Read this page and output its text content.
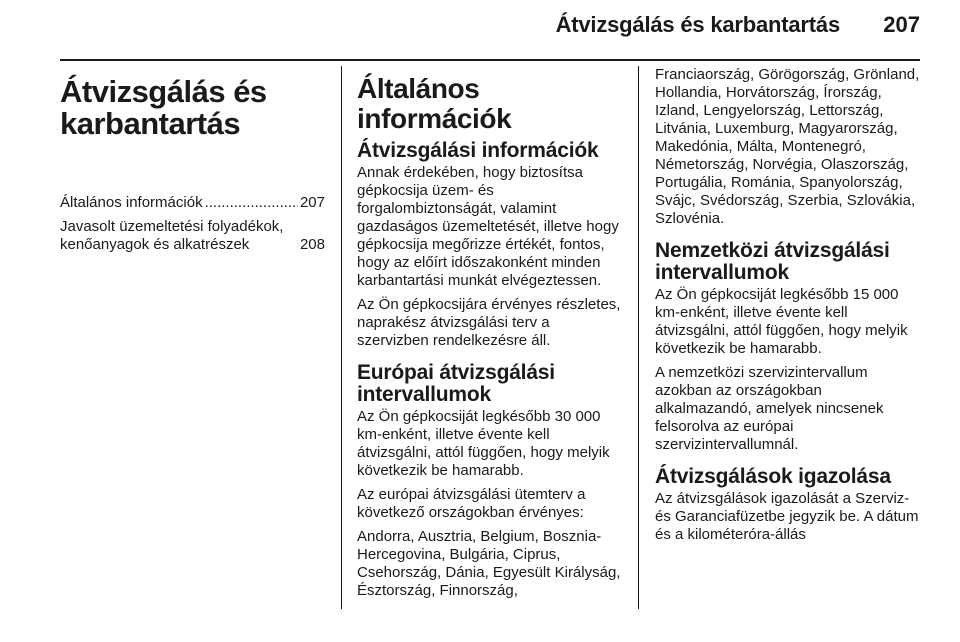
Átvizsgálás és karbantartás 207
Átvizsgálás és karbantartás
Általános információk .....	207
Javasolt üzemeltetési folyadékok, kenőanyagok és alkatrészek .....	208
Általános információk
Átvizsgálási információk

Annak érdekében, hogy biztosítsa gépkocsija üzem- és forgalombiztonságát, valamint gazdaságos üzemeltetését, illetve hogy gépkocsija megőrizze értékét, fontos, hogy az előírt időszakonként minden karbantartási munkát elvégeztessen.

Az Ön gépkocsijára érvényes részletes, naprakész átvizsgálási terv a szervizben rendelkezésre áll.

Európai átvizsgálási intervallumok

Az Ön gépkocsiját legkésőbb 30 000 km-enként, illetve évente kell átvizsgálni, attól függően, hogy melyik következik be hamarabb.

Az európai átvizsgálási ütemterv a következő országokban érvényes:

Andorra, Ausztria, Belgium, Bosznia-Hercegovina, Bulgária, Ciprus, Csehország, Dánia, Egyesült Királyság, Észtország, Finnország,

Franciaország, Görögország, Grönland, Hollandia, Horvátország, Írország, Izland, Lengyelország, Lettország, Litvánia, Luxemburg, Magyarország, Makedónia, Málta, Montenegró, Németország, Norvégia, Olaszország, Portugália, Románia, Spanyolország, Svájc, Svédország, Szerbia, Szlovákia, Szlovénia.

Nemzetközi átvizsgálási intervallumok

Az Ön gépkocsiját legkésőbb 15 000 km-enként, illetve évente kell átvizsgálni, attól függően, hogy melyik következik be hamarabb.

A nemzetközi szervizintervallum azokban az országokban alkalmazandó, amelyek nincsenek felsorolva az európai szervizintervallumnál.

Átvizsgálások igazolása

Az átvizsgálások igazolását a Szerviz- és Garanciafüzetbe jegyzik be. A dátum és a kilométeróra-állás
